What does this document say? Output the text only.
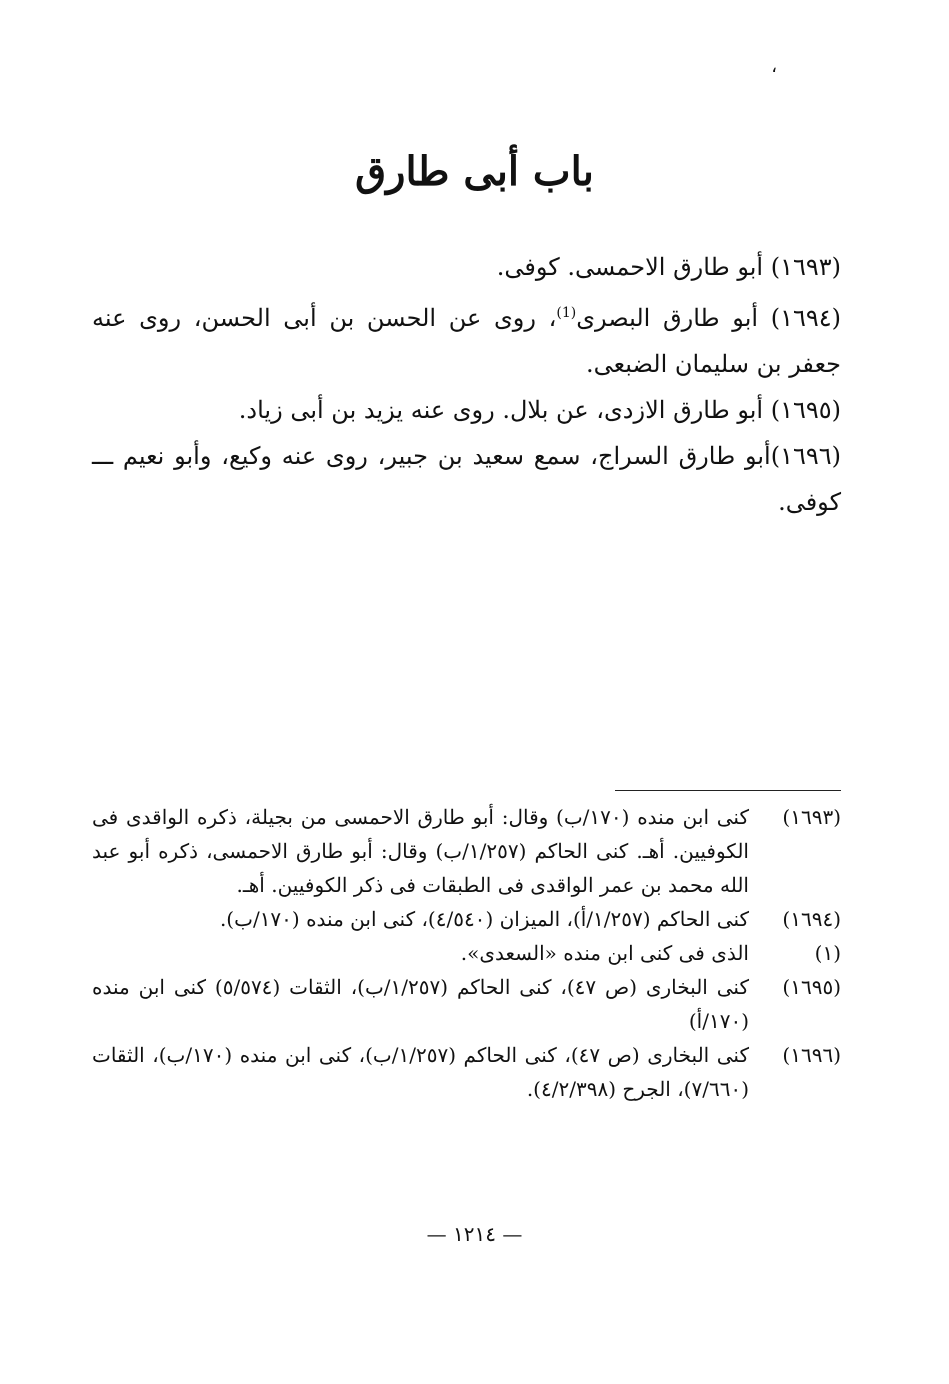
،
باب أبى طارق

(١٦٩٣) أبو طارق الاحمسى. كوفى.

(١٦٩٤) أبو طارق البصرى$^{(1)}$، روى عن الحسن بن أبى الحسن، روى عنه جعفر بن سليمان الضبعى.

(١٦٩٥) أبو طارق الازدى، عن بلال. روى عنه يزيد بن أبى زياد.

(١٦٩٦)أبو طارق السراج، سمع سعيد بن جبير، روى عنه وكيع، وأبو نعيم ـــ كوفى.

(١٦٩٣)
كنى ابن منده (١٧٠/ب) وقال: أبو طارق الاحمسى من بجيلة، ذكره الواقدى فى الكوفيين. أهـ. كنى الحاكم (١/٢٥٧/ب) وقال: أبو طارق الاحمسى، ذكره أبو عبد الله محمد بن عمر الواقدى فى الطبقات فى ذكر الكوفيين. أهـ.
(١٦٩٤)
كنى الحاكم (١/٢٥٧/أ)، الميزان (٤/٥٤٠)، كنى ابن منده (١٧٠/ب).
(١)
الذى فى كنى ابن منده «السعدى».
(١٦٩٥)
كنى البخارى (ص ٤٧)، كنى الحاكم (١/٢٥٧/ب)، الثقات (٥/٥٧٤) كنى ابن منده (١٧٠/أ)
(١٦٩٦)
كنى البخارى (ص ٤٧)، كنى الحاكم (١/٢٥٧/ب)، كنى ابن منده (١٧٠/ب)، الثقات (٧/٦٦٠)، الجرح (٤/٢/٣٩٨).
— ١٢١٤ —
